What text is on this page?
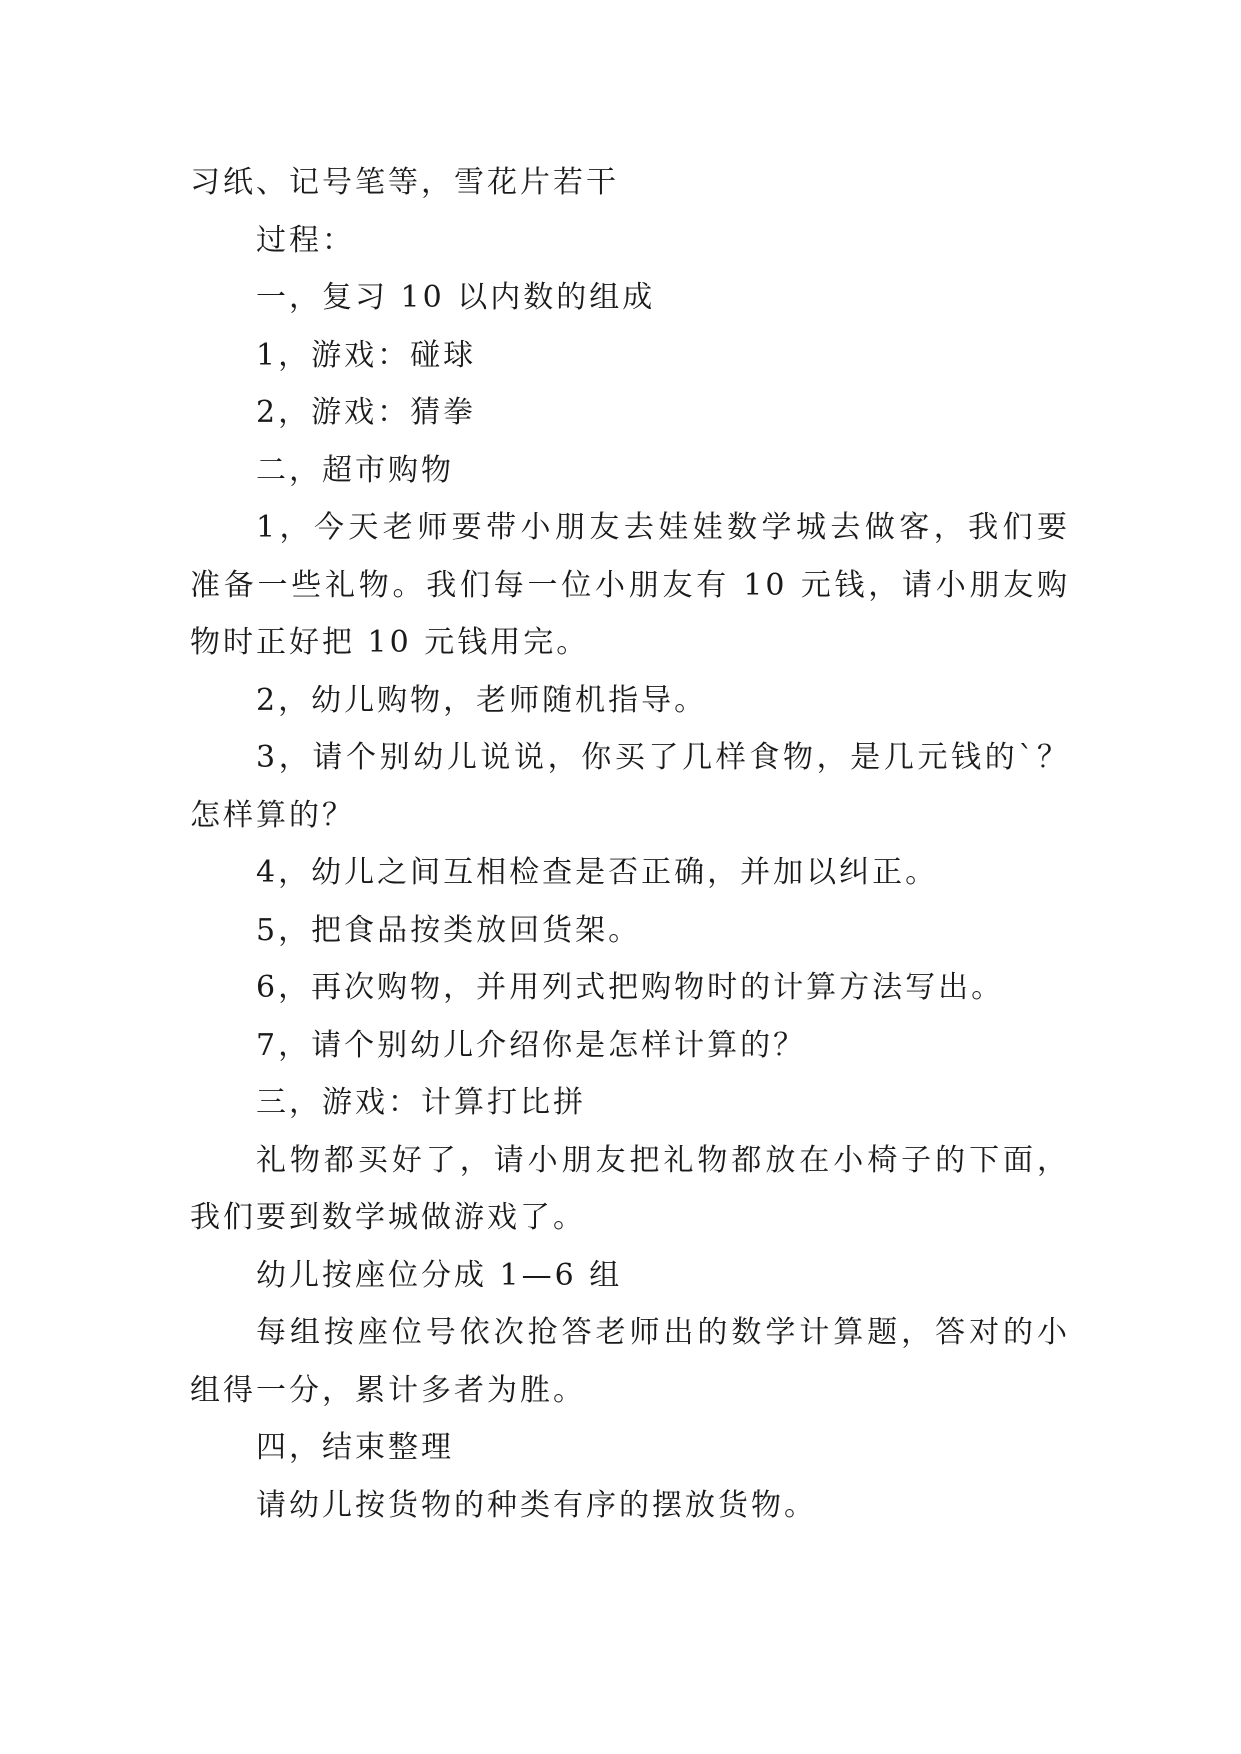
习纸、记号笔等，雪花片若干

过程：

一，复习 10 以内数的组成

1，游戏：碰球

2，游戏：猜拳

二，超市购物

1，今天老师要带小朋友去娃娃数学城去做客，我们要准备一些礼物。我们每一位小朋友有 10 元钱，请小朋友购物时正好把 10 元钱用完。

2，幼儿购物，老师随机指导。

3，请个别幼儿说说，你买了几样食物，是几元钱的`？怎样算的？

4，幼儿之间互相检查是否正确，并加以纠正。

5，把食品按类放回货架。

6，再次购物，并用列式把购物时的计算方法写出。

7，请个别幼儿介绍你是怎样计算的？

三，游戏：计算打比拼

礼物都买好了，请小朋友把礼物都放在小椅子的下面，我们要到数学城做游戏了。

幼儿按座位分成 1—6 组

每组按座位号依次抢答老师出的数学计算题，答对的小组得一分，累计多者为胜。

四，结束整理

请幼儿按货物的种类有序的摆放货物。
